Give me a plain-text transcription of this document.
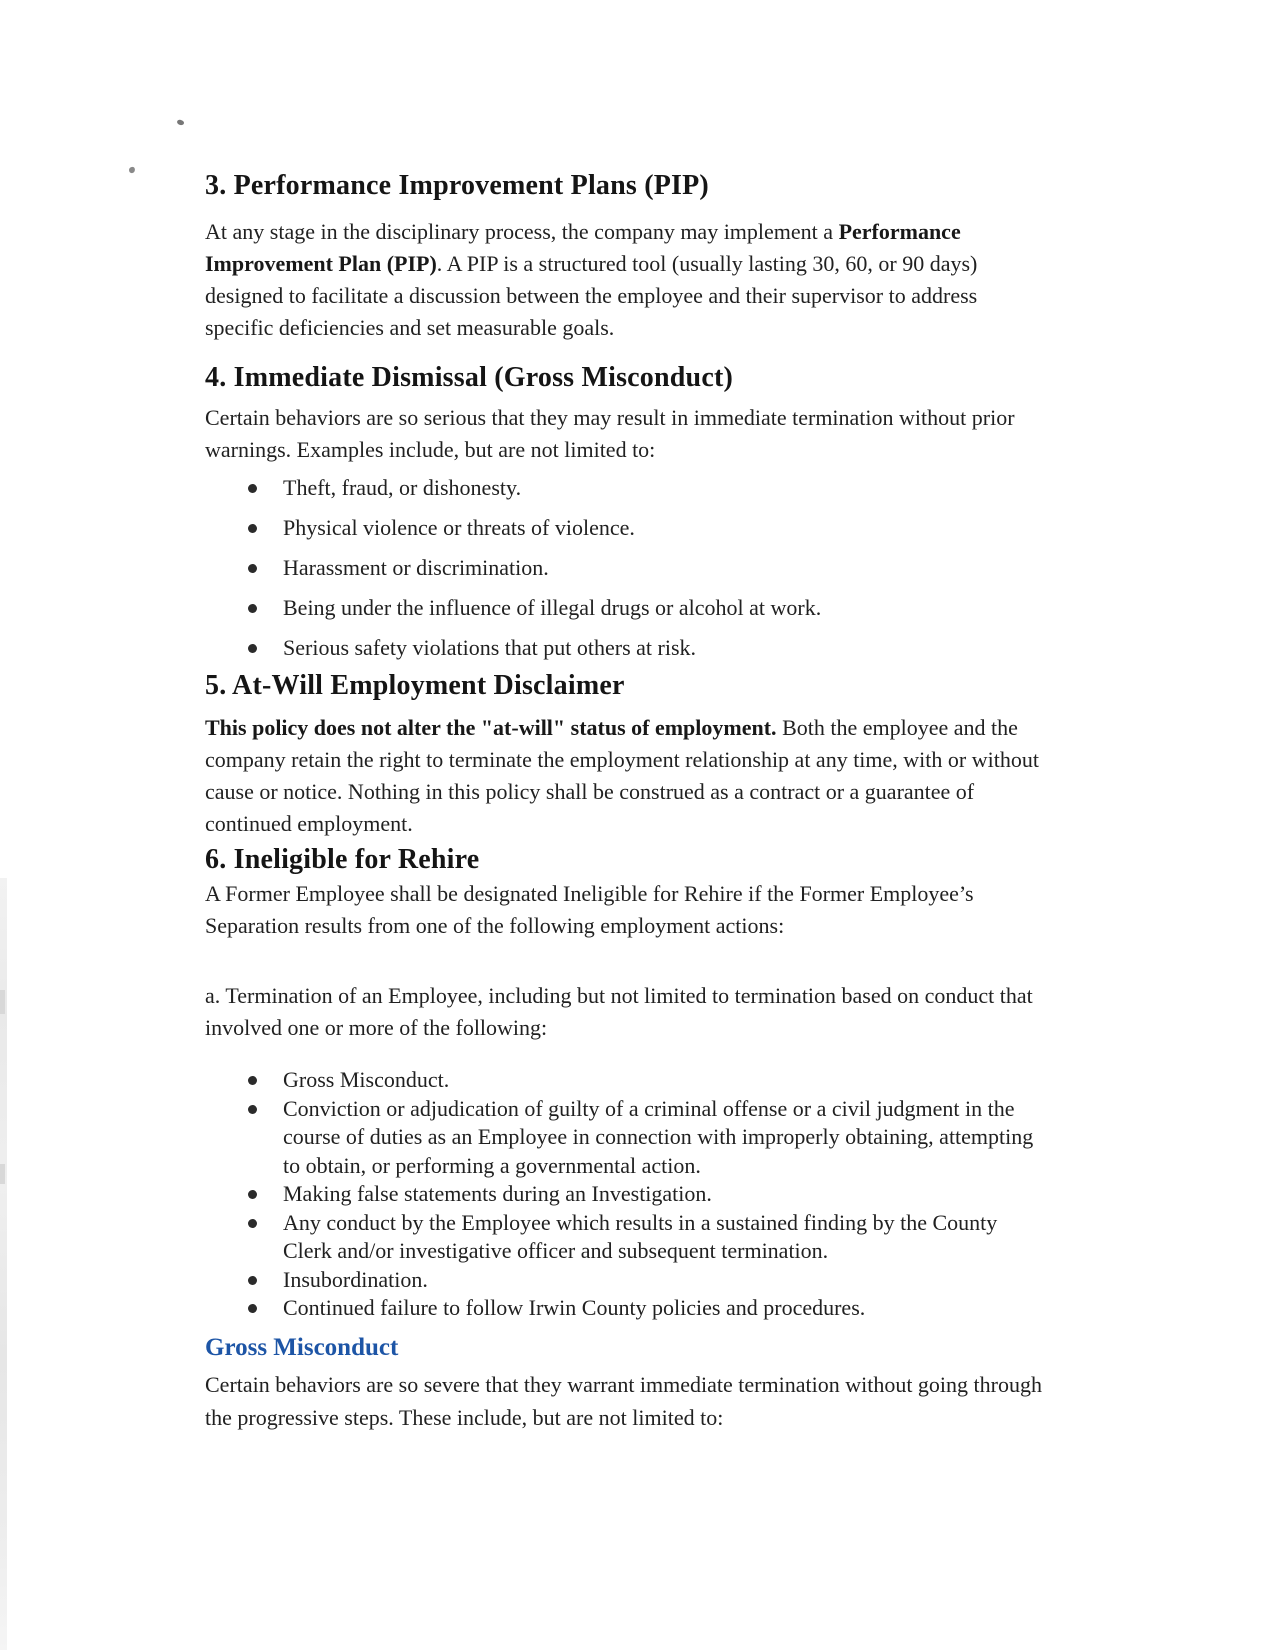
3. Performance Improvement Plans (PIP)

At any stage in the disciplinary process, the company may implement a Performance Improvement Plan (PIP). A PIP is a structured tool (usually lasting 30, 60, or 90 days) designed to facilitate a discussion between the employee and their supervisor to address specific deficiencies and set measurable goals.

4. Immediate Dismissal (Gross Misconduct)

Certain behaviors are so serious that they may result in immediate termination without prior warnings. Examples include, but are not limited to:

Theft, fraud, or dishonesty.
Physical violence or threats of violence.
Harassment or discrimination.
Being under the influence of illegal drugs or alcohol at work.
Serious safety violations that put others at risk.
5. At-Will Employment Disclaimer

This policy does not alter the "at-will" status of employment. Both the employee and the company retain the right to terminate the employment relationship at any time, with or without cause or notice. Nothing in this policy shall be construed as a contract or a guarantee of continued employment.

6. Ineligible for Rehire

A Former Employee shall be designated Ineligible for Rehire if the Former Employee’s Separation results from one of the following employment actions:

a. Termination of an Employee, including but not limited to termination based on conduct that involved one or more of the following:

Gross Misconduct.
Conviction or adjudication of guilty of a criminal offense or a civil judgment in the course of duties as an Employee in connection with improperly obtaining, attempting to obtain, or performing a governmental action.
Making false statements during an Investigation.
Any conduct by the Employee which results in a sustained finding by the County Clerk and/or investigative officer and subsequent termination.
Insubordination.
Continued failure to follow Irwin County policies and procedures.
Gross Misconduct

Certain behaviors are so severe that they warrant immediate termination without going through the progressive steps. These include, but are not limited to:
